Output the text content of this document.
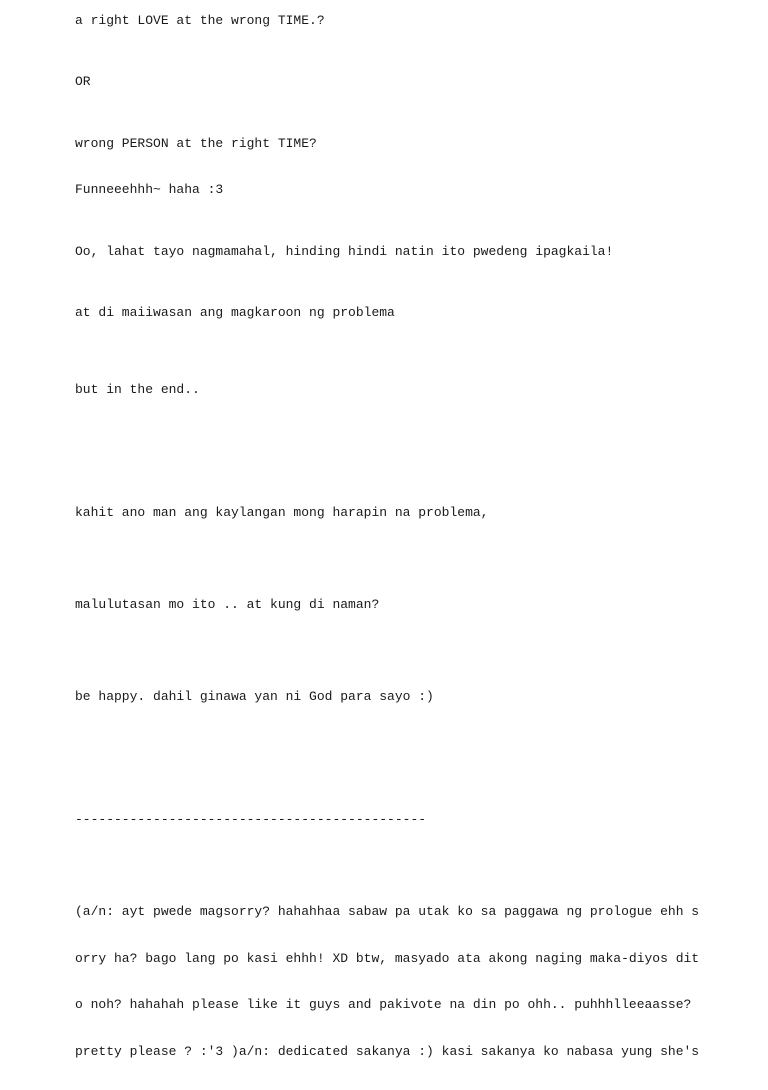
a right LOVE at the wrong TIME.?
OR
wrong PERSON at the right TIME?
Funneeehhh~ haha :3
Oo, lahat tayo nagmamahal, hinding hindi natin ito pwedeng ipagkaila!
at di maiiwasan ang magkaroon ng problema
but in the end..
kahit ano man ang kaylangan mong harapin na problema,
malulutasan mo ito .. at kung di naman?
be happy. dahil ginawa yan ni God para sayo :)
---------------------------------------------

(a/n: ayt pwede magsorry? hahahhaa sabaw pa utak ko sa paggawa ng prologue ehh s

orry ha? bago lang po kasi ehhh! XD btw, masyado ata akong naging maka-diyos dit

o noh? hahahah please like it guys and pakivote na din po ohh.. puhhhlleeaasse?

pretty please ? :'3 )a/n: dedicated sakanya :) kasi sakanya ko nabasa yung she's
